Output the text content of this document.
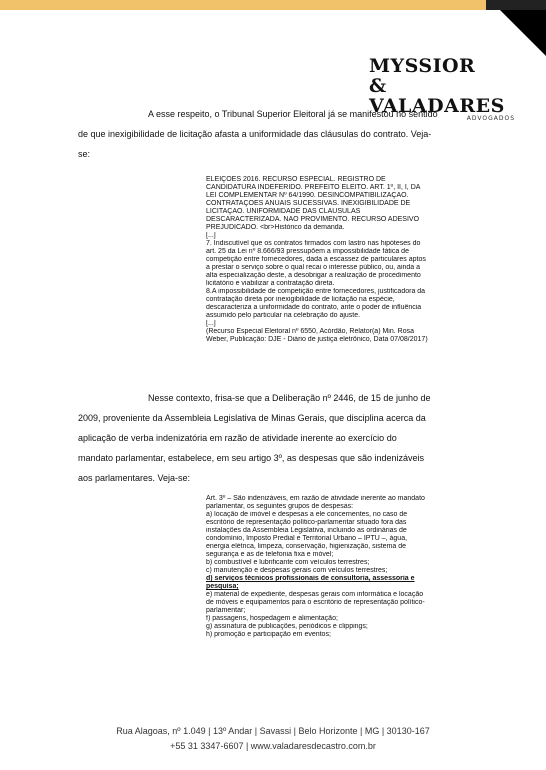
MYSSIOR
& VALADARES
ADVOGADOS
A esse respeito, o Tribunal Superior Eleitoral já se manifestou no sentido
de que inexigibilidade de licitação afasta a uniformidade das cláusulas do contrato. Veja-
se:
ELEIÇÕES 2016. RECURSO ESPECIAL. REGISTRO DE
CANDIDATURA INDEFERIDO. PREFEITO ELEITO. ART. 1º, II, I, DA
LEI COMPLEMENTAR Nº 64/1990. DESINCOMPATIBILIZAÇÃO.
CONTRATAÇÕES ANUAIS SUCESSIVAS. INEXIGIBILIDADE DE
LICITAÇÃO. UNIFORMIDADE DAS CLÁUSULAS
DESCARACTERIZADA. NÃO PROVIMENTO. RECURSO ADESIVO
PREJUDICADO. <br>Histórico da demanda.
[...]
7. Indiscutível que os contratos firmados com lastro nas hipóteses do
art. 25 da Lei nº 8.666/93 pressupõem a impossibilidade fática de
competição entre fornecedores, dada a escassez de particulares aptos
a prestar o serviço sobre o qual recai o interesse público, ou, ainda a
alta especialização deste, a desobrigar a realização de procedimento
licitatório e viabilizar a contratação direta.
8.A impossibilidade de competição entre fornecedores, justificadora da
contratação direta por inexigibilidade de licitação na espécie,
descaracteriza a uniformidade do contrato, ante o poder de influência
assumido pelo particular na celebração do ajuste.
[...]
(Recurso Especial Eleitoral nº 6550, Acórdão, Relator(a) Min. Rosa
Weber, Publicação: DJE - Diário de justiça eletrônico, Data 07/08/2017)
Nesse contexto, frisa-se que a Deliberação nº 2446, de 15 de junho de
2009, proveniente da Assembleia Legislativa de Minas Gerais, que disciplina acerca da
aplicação de verba indenizatória em razão de atividade inerente ao exercício do
mandato parlamentar, estabelece, em seu artigo 3º, as despesas que são indenizáveis
aos parlamentares. Veja-se:
Art. 3º – São indenizáveis, em razão de atividade inerente ao mandato
parlamentar, os seguintes grupos de despesas:
a) locação de imóvel e despesas a ele concernentes, no caso de
escritório de representação político-parlamentar situado fora das
instalações da Assembleia Legislativa, incluindo as ordinárias de
condomínio, Imposto Predial e Territorial Urbano – IPTU –, água,
energia elétrica, limpeza, conservação, higienização, sistema de
segurança e as de telefonia fixa e móvel;
b) combustível e lubrificante com veículos terrestres;
c) manutenção e despesas gerais com veículos terrestres;
d) serviços técnicos profissionais de consultoria, assessoria e
pesquisa;
e) material de expediente, despesas gerais com informática e locação
de móveis e equipamentos para o escritório de representação político-
parlamentar;
f) passagens, hospedagem e alimentação;
g) assinatura de publicações, periódicos e clippings;
h) promoção e participação em eventos;
Rua Alagoas, nº 1.049 | 13º Andar | Savassi | Belo Horizonte | MG | 30130-167
+55 31 3347-6607 | www.valadaresdecastro.com.br
